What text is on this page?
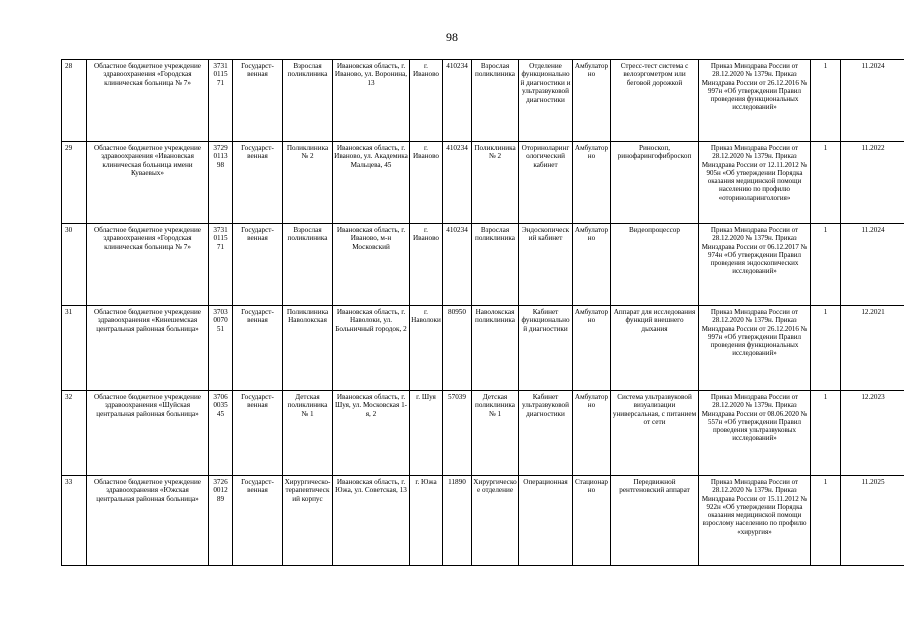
98
28	Областное бюджетное учреждение здравоохранения «Городская клиническая больница № 7»	3731 0115 71	Государст-венная	Взрослая поликлиника	Ивановская область, г. Иваново, ул. Воронина, 13	г. Иваново	410234	Взрослая поликлиника	Отделение функциональной диагностики и ультразвуковой диагностики	Амбулаторно	Стресс-тест система с велоэргометром или беговой дорожкой	Приказ Минздрава России от 28.12.2020 № 1379н. Приказ Минздрава России от 26.12.2016 № 997н «Об утверждении Правил проведения функциональных исследований»	1	11.2024
29	Областное бюджетное учреждение здравоохранения «Ивановская клиническая больница имени Куваевых»	3729 0113 98	Государст-венная	Поликлиника № 2	Ивановская область, г. Иваново, ул. Академика Мальцева, 45	г. Иваново	410234	Поликлиника № 2	Оториноларингологический кабинет	Амбулаторно	Риноскоп, ринофарингофиброскоп	Приказ Минздрава России от 28.12.2020 № 1379н. Приказ Минздрава России от 12.11.2012 № 905н «Об утверждении Порядка оказания медицинской помощи населению по профилю «оториноларингология»	1	11.2022
30	Областное бюджетное учреждение здравоохранения «Городская клиническая больница № 7»	3731 0115 71	Государст-венная	Взрослая поликлиника	Ивановская область, г. Иваново, м-н Московский	г. Иваново	410234	Взрослая поликлиника	Эндоскопический кабинет	Амбулаторно	Видеопроцессор	Приказ Минздрава России от 28.12.2020 № 1379н. Приказ Минздрава России от 06.12.2017 № 974н «Об утверждении Правил проведения эндоскопических исследований»	1	11.2024
31	Областное бюджетное учреждение здравоохранения «Кинешемская центральная районная больница»	3703 0070 51	Государст-венная	Поликлиника Наволокская	Ивановская область, г. Наволоки, ул. Больничный городок, 2	г. Наволоки	80950	Наволокская поликлиника	Кабинет функциональной диагностики	Амбулаторно	Аппарат для исследования функций внешнего дыхания	Приказ Минздрава России от 28.12.2020 № 1379н. Приказ Минздрава России от 26.12.2016 № 997н «Об утверждении Правил проведения функциональных исследований»	1	12.2021
32	Областное бюджетное учреждение здравоохранения «Шуйская центральная районная больница»	3706 0035 45	Государст-венная	Детская поликлиника № 1	Ивановская область, г. Шуя, ул. Московская 1-я, 2	г. Шуя	57039	Детская поликлиника № 1	Кабинет ультразвуковой диагностики	Амбулаторно	Система ультразвуковой визуализации универсальная, с питанием от сети	Приказ Минздрава России от 28.12.2020 № 1379н. Приказ Минздрава России от 08.06.2020 № 557н «Об утверждении Правил проведения ультразвуковых исследований»	1	12.2023
33	Областное бюджетное учреждение здравоохранения «Южская центральная районная больница»	3726 0012 89	Государст-венная	Хирургическо-терапевтический корпус	Ивановская область, г. Южа, ул. Советская, 13	г. Южа	11890	Хирургическое отделение	Операционная	Стационарно	Передвижной рентгеновский аппарат	Приказ Минздрава России от 28.12.2020 № 1379н. Приказ Минздрава России от 15.11.2012 № 922н «Об утверждении Порядка оказания медицинской помощи взрослому населению по профилю «хирургия»	1	11.2025
